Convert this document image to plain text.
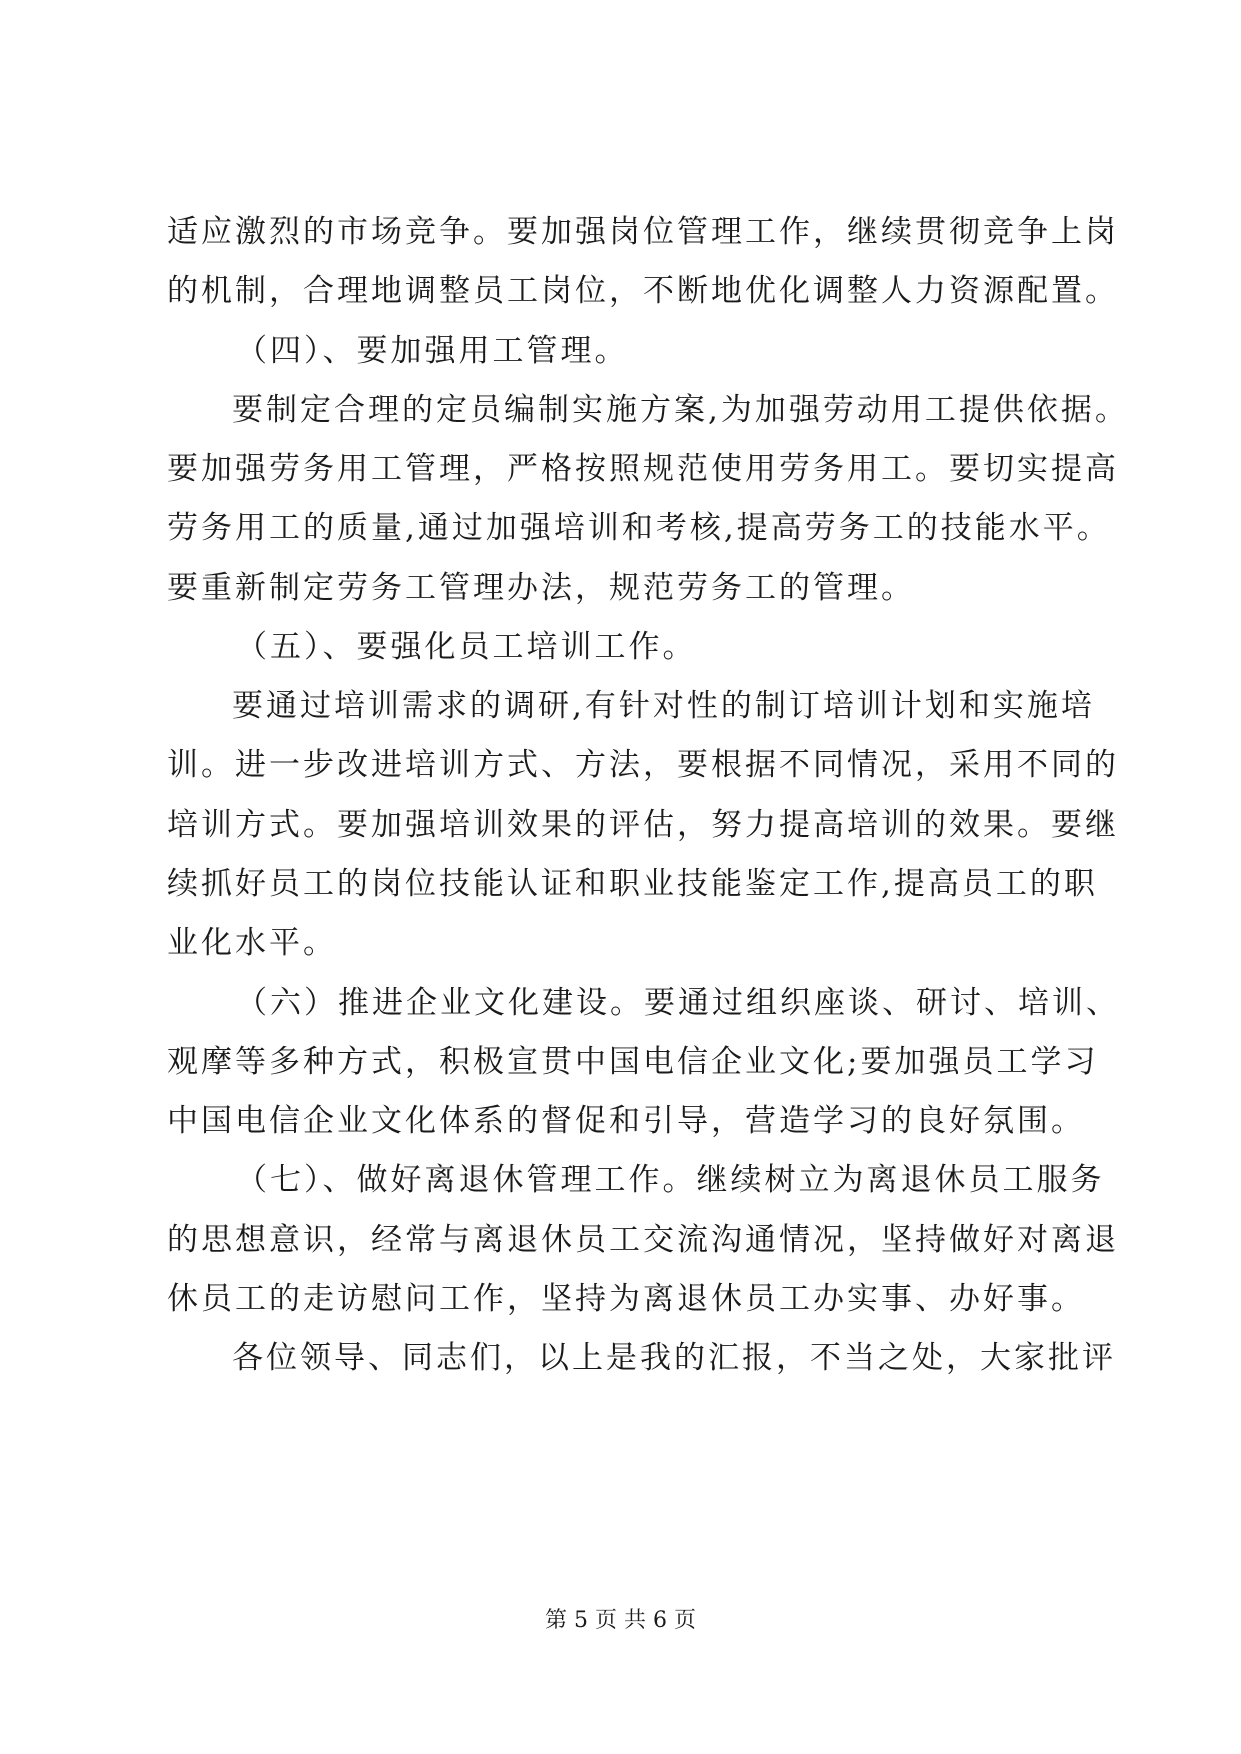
适应激烈的市场竞争。要加强岗位管理工作，继续贯彻竞争上岗
的机制，合理地调整员工岗位，不断地优化调整人力资源配置。
（四）、要加强用工管理。
要制定合理的定员编制实施方案,为加强劳动用工提供依据。
要加强劳务用工管理，严格按照规范使用劳务用工。要切实提高
劳务用工的质量,通过加强培训和考核,提高劳务工的技能水平。
要重新制定劳务工管理办法，规范劳务工的管理。
（五）、要强化员工培训工作。
要通过培训需求的调研,有针对性的制订培训计划和实施培
训。进一步改进培训方式、方法，要根据不同情况，采用不同的
培训方式。要加强培训效果的评估，努力提高培训的效果。要继
续抓好员工的岗位技能认证和职业技能鉴定工作,提高员工的职
业化水平。
（六）推进企业文化建设。要通过组织座谈、研讨、培训、
观摩等多种方式，积极宣贯中国电信企业文化;要加强员工学习
中国电信企业文化体系的督促和引导，营造学习的良好氛围。
（七）、做好离退休管理工作。继续树立为离退休员工服务
的思想意识，经常与离退休员工交流沟通情况，坚持做好对离退
休员工的走访慰问工作，坚持为离退休员工办实事、办好事。
各位领导、同志们，以上是我的汇报，不当之处，大家批评
第 5 页 共 6 页
